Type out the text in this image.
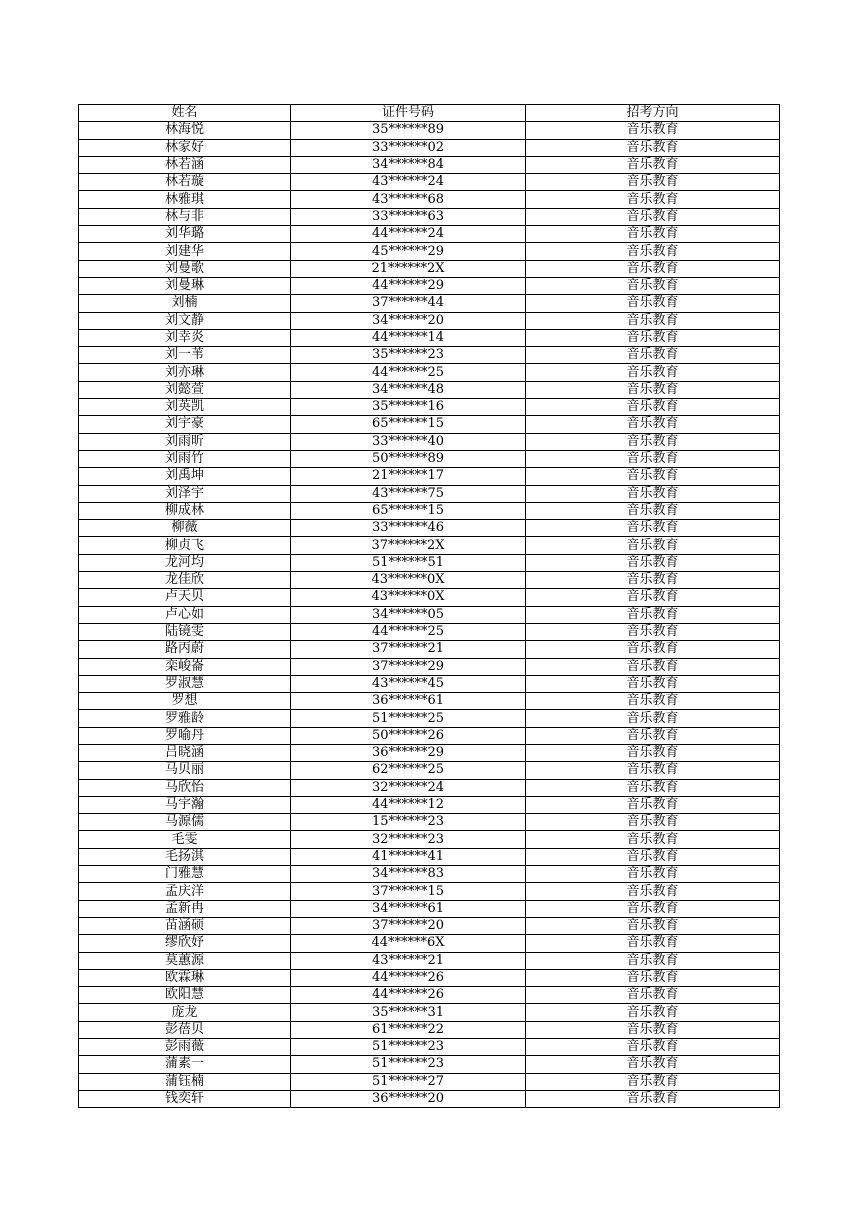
姓名	证件号码	招考方向
林海悦	35******89	音乐教育
林家好	33******02	音乐教育
林若涵	34******84	音乐教育
林若璇	43******24	音乐教育
林雅琪	43******68	音乐教育
林与非	33******63	音乐教育
刘华璐	44******24	音乐教育
刘建华	45******29	音乐教育
刘曼歌	21******2X	音乐教育
刘曼琳	44******29	音乐教育
刘楠	37******44	音乐教育
刘文静	34******20	音乐教育
刘幸炎	44******14	音乐教育
刘一苇	35******23	音乐教育
刘亦琳	44******25	音乐教育
刘懿萱	34******48	音乐教育
刘英凯	35******16	音乐教育
刘宇豪	65******15	音乐教育
刘雨昕	33******40	音乐教育
刘雨竹	50******89	音乐教育
刘禹坤	21******17	音乐教育
刘泽宇	43******75	音乐教育
柳成林	65******15	音乐教育
柳薇	33******46	音乐教育
柳贞飞	37******2X	音乐教育
龙河均	51******51	音乐教育
龙佳欣	43******0X	音乐教育
卢天贝	43******0X	音乐教育
卢心如	34******05	音乐教育
陆镜雯	44******25	音乐教育
路丙蔚	37******21	音乐教育
栾峻崙	37******29	音乐教育
罗淑慧	43******45	音乐教育
罗想	36******61	音乐教育
罗雅龄	51******25	音乐教育
罗喻丹	50******26	音乐教育
吕晓涵	36******29	音乐教育
马贝丽	62******25	音乐教育
马欣怡	32******24	音乐教育
马宇瀚	44******12	音乐教育
马源儒	15******23	音乐教育
毛雯	32******23	音乐教育
毛扬淇	41******41	音乐教育
门雅慧	34******83	音乐教育
孟庆洋	37******15	音乐教育
孟新冉	34******61	音乐教育
苗涵硕	37******20	音乐教育
缪欣妤	44******6X	音乐教育
莫蕙源	43******21	音乐教育
欧霖琳	44******26	音乐教育
欧阳慧	44******26	音乐教育
庞龙	35******31	音乐教育
彭蓓贝	61******22	音乐教育
彭雨薇	51******23	音乐教育
蒲素一	51******23	音乐教育
蒲钰楠	51******27	音乐教育
钱奕轩	36******20	音乐教育
